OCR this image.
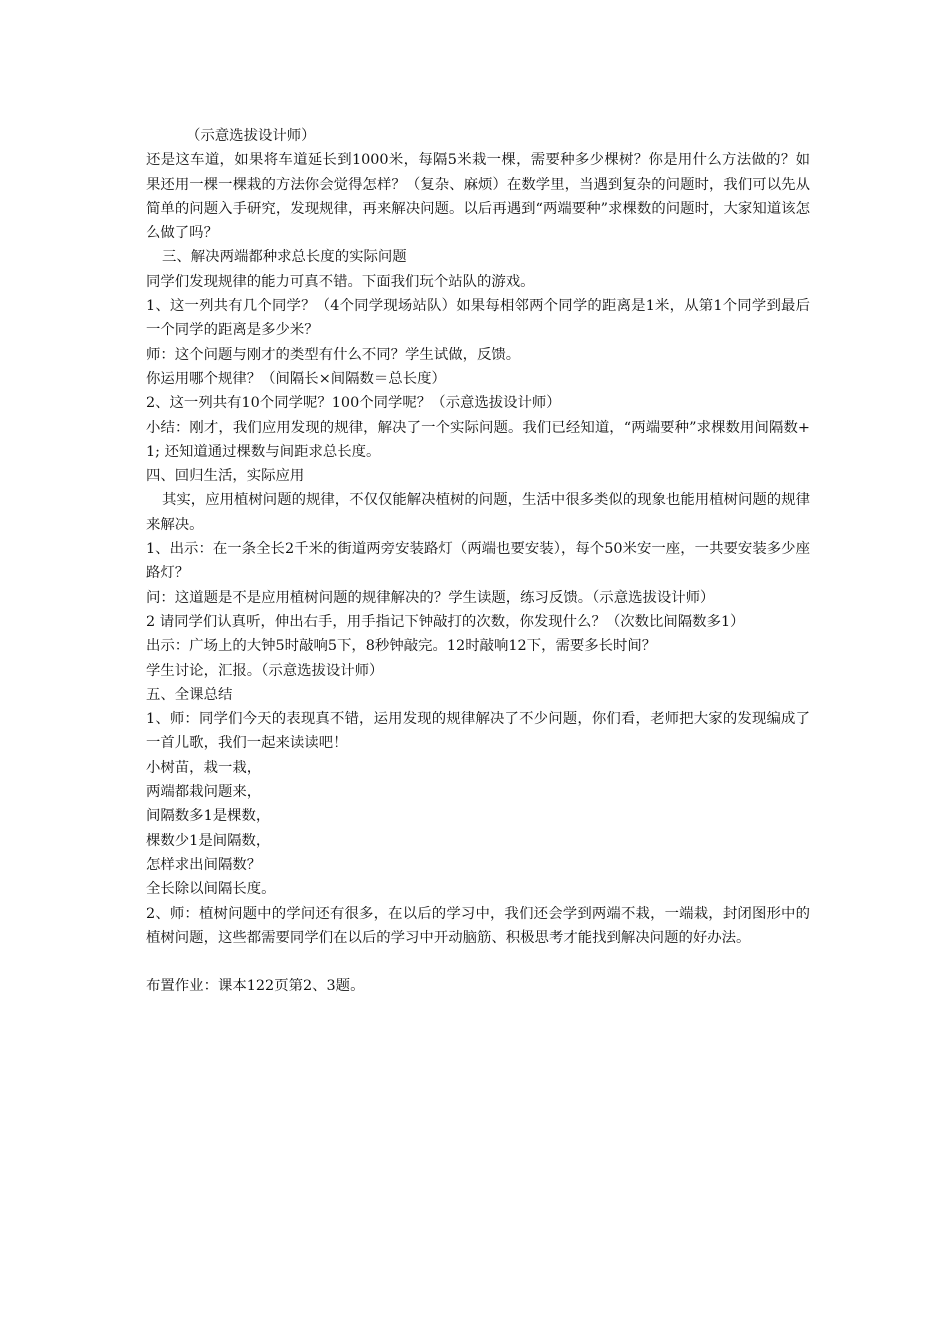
（示意选拔设计师）

还是这车道，如果将车道延长到1000米，每隔5米栽一棵，需要种多少棵树？你是用什么方法做的？如果还用一棵一棵栽的方法你会觉得怎样？（复杂、麻烦）在数学里，当遇到复杂的问题时，我们可以先从简单的问题入手研究，发现规律，再来解决问题。以后再遇到“两端要种”求棵数的问题时，大家知道该怎么做了吗？

三、解决两端都种求总长度的实际问题

同学们发现规律的能力可真不错。下面我们玩个站队的游戏。

1、这一列共有几个同学？（4个同学现场站队）如果每相邻两个同学的距离是1米，从第1个同学到最后一个同学的距离是多少米？

师：这个问题与刚才的类型有什么不同？学生试做，反馈。

你运用哪个规律？（间隔长×间隔数＝总长度）

2、这一列共有10个同学呢？100个同学呢？（示意选拔设计师）

小结：刚才，我们应用发现的规律，解决了一个实际问题。我们已经知道，“两端要种”求棵数用间隔数+1; 还知道通过棵数与间距求总长度。

四、回归生活，实际应用

其实，应用植树问题的规律，不仅仅能解决植树的问题，生活中很多类似的现象也能用植树问题的规律来解决。

1、出示：在一条全长2千米的街道两旁安装路灯（两端也要安装），每个50米安一座，一共要安装多少座路灯？

问：这道题是不是应用植树问题的规律解决的？学生读题，练习反馈。（示意选拔设计师）

2 请同学们认真听，伸出右手，用手指记下钟敲打的次数，你发现什么？（次数比间隔数多1）

出示：广场上的大钟5时敲响5下，8秒钟敲完。12时敲响12下，需要多长时间？

学生讨论，汇报。（示意选拔设计师）

五、全课总结

1、师：同学们今天的表现真不错，运用发现的规律解决了不少问题，你们看，老师把大家的发现编成了一首儿歌，我们一起来读读吧！

小树苗，栽一栽，

两端都栽问题来，

间隔数多1是棵数，

棵数少1是间隔数，

怎样求出间隔数？

全长除以间隔长度。

2、师：植树问题中的学问还有很多，在以后的学习中，我们还会学到两端不栽，一端栽，封闭图形中的植树问题，这些都需要同学们在以后的学习中开动脑筋、积极思考才能找到解决问题的好办法。

布置作业：课本122页第2、3题。
